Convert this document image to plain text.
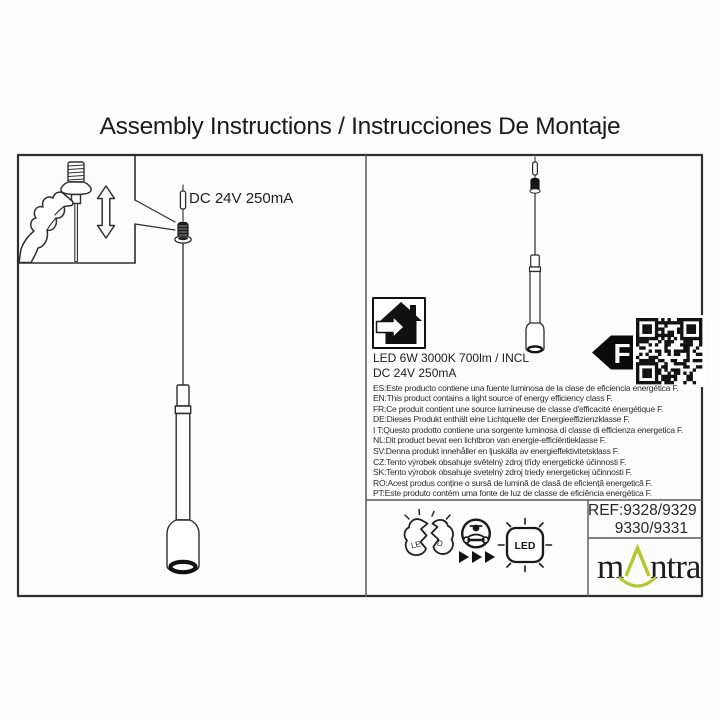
LE D	LED
m ntra
Assembly Instructions / Instrucciones De Montaje
DC 24V 250mA
LED 6W 3000K 700lm / INCL
DC 24V 250mA
ES:Este producto contiene una fuente luminosa de la clase de eficiencia energética F.
EN:This product contains a light source of energy efficiency class F.
FR:Ce produit contient une source lumineuse de classe d'efficacité énergétique F.
DE:Dieses Produkt enthält eine Lichtquelle der Energieeffizienzklasse F.
I T:Questo prodotto contiene una sorgente luminosa di classe di efficienza energetica F.
NL:Dit product bevat een lichtbron van energie-efficiëntieklasse F.
SV:Denna produkt innehåller en ljuskälla av energieffektivitetsklass F.
CZ:Tento výrobek obsahuje světelný zdroj třídy energetické účinnosti F.
SK:Tento výrobok obsahuje svetelný zdroj triedy energetickej účinnosti F.
RO:Acest produs conține o sursă de lumină de clasă de eficiență energetică F.
PT:Este produto contém uma fonte de luz de classe de eficiência energética F.
F
REF:9328/9329
9330/9331
